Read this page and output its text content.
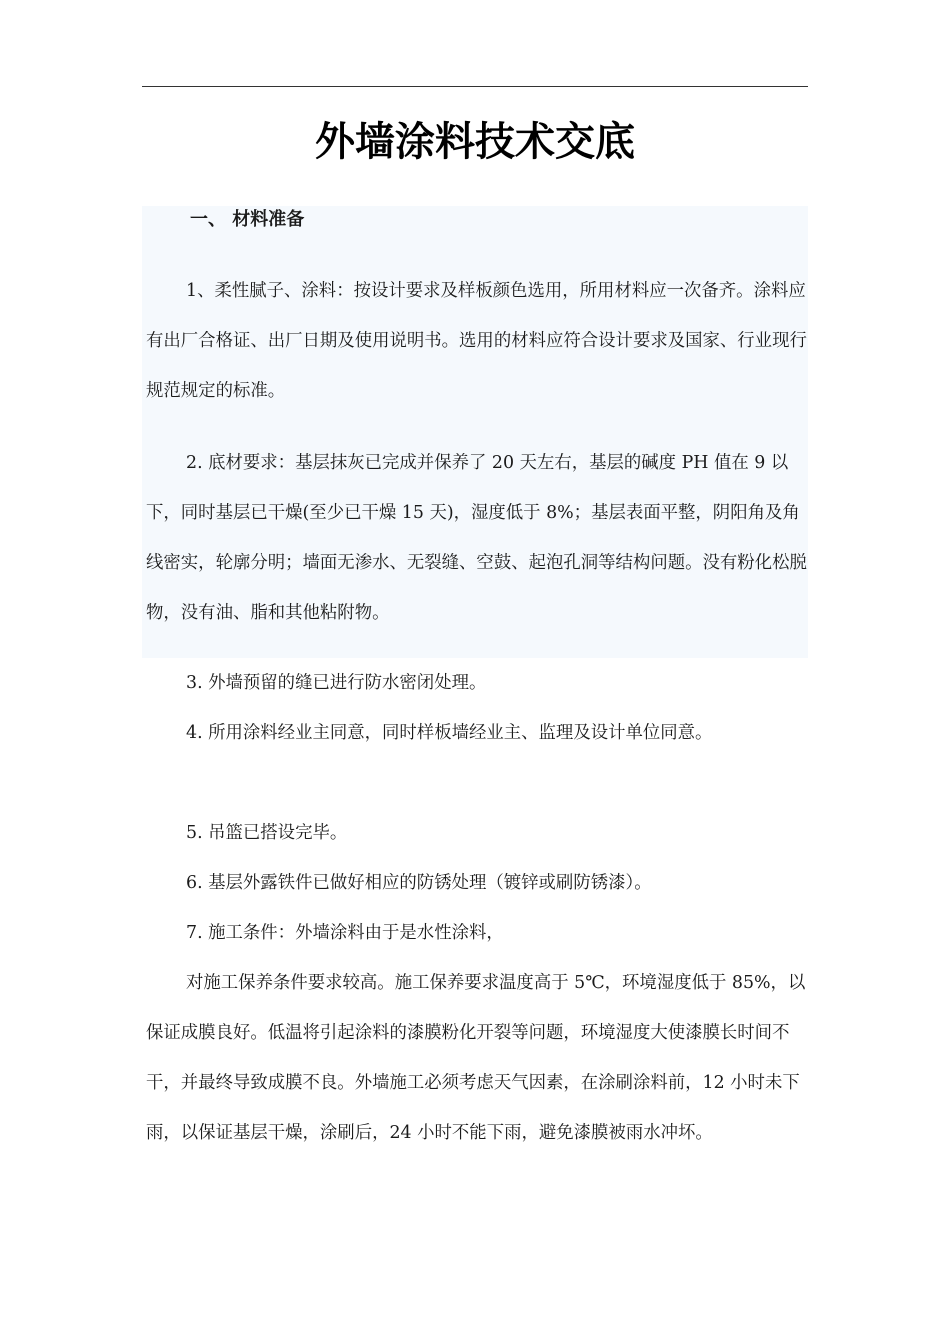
外墙涂料技术交底

一、 材料准备

1、柔性腻子、涂料：按设计要求及样板颜色选用，所用材料应一次备齐。涂料应有出厂合格证、出厂日期及使用说明书。选用的材料应符合设计要求及国家、行业现行规范规定的标准。

2. 底材要求：基层抹灰已完成并保养了 20 天左右，基层的碱度 PH 值在 9 以下，同时基层已干燥(至少已干燥 15 天)，湿度低于 8%；基层表面平整，阴阳角及角线密实，轮廓分明；墙面无渗水、无裂缝、空鼓、起泡孔洞等结构问题。没有粉化松脱物，没有油、脂和其他粘附物。

3. 外墙预留的缝已进行防水密闭处理。

4. 所用涂料经业主同意，同时样板墙经业主、监理及设计单位同意。

5. 吊篮已搭设完毕。

6. 基层外露铁件已做好相应的防锈处理（镀锌或刷防锈漆）。

7. 施工条件：外墙涂料由于是水性涂料，

对施工保养条件要求较高。施工保养要求温度高于 5℃，环境湿度低于 85%，以保证成膜良好。低温将引起涂料的漆膜粉化开裂等问题，环境湿度大使漆膜长时间不干，并最终导致成膜不良。外墙施工必须考虑天气因素，在涂刷涂料前，12 小时未下雨，以保证基层干燥，涂刷后，24 小时不能下雨，避免漆膜被雨水冲坏。
